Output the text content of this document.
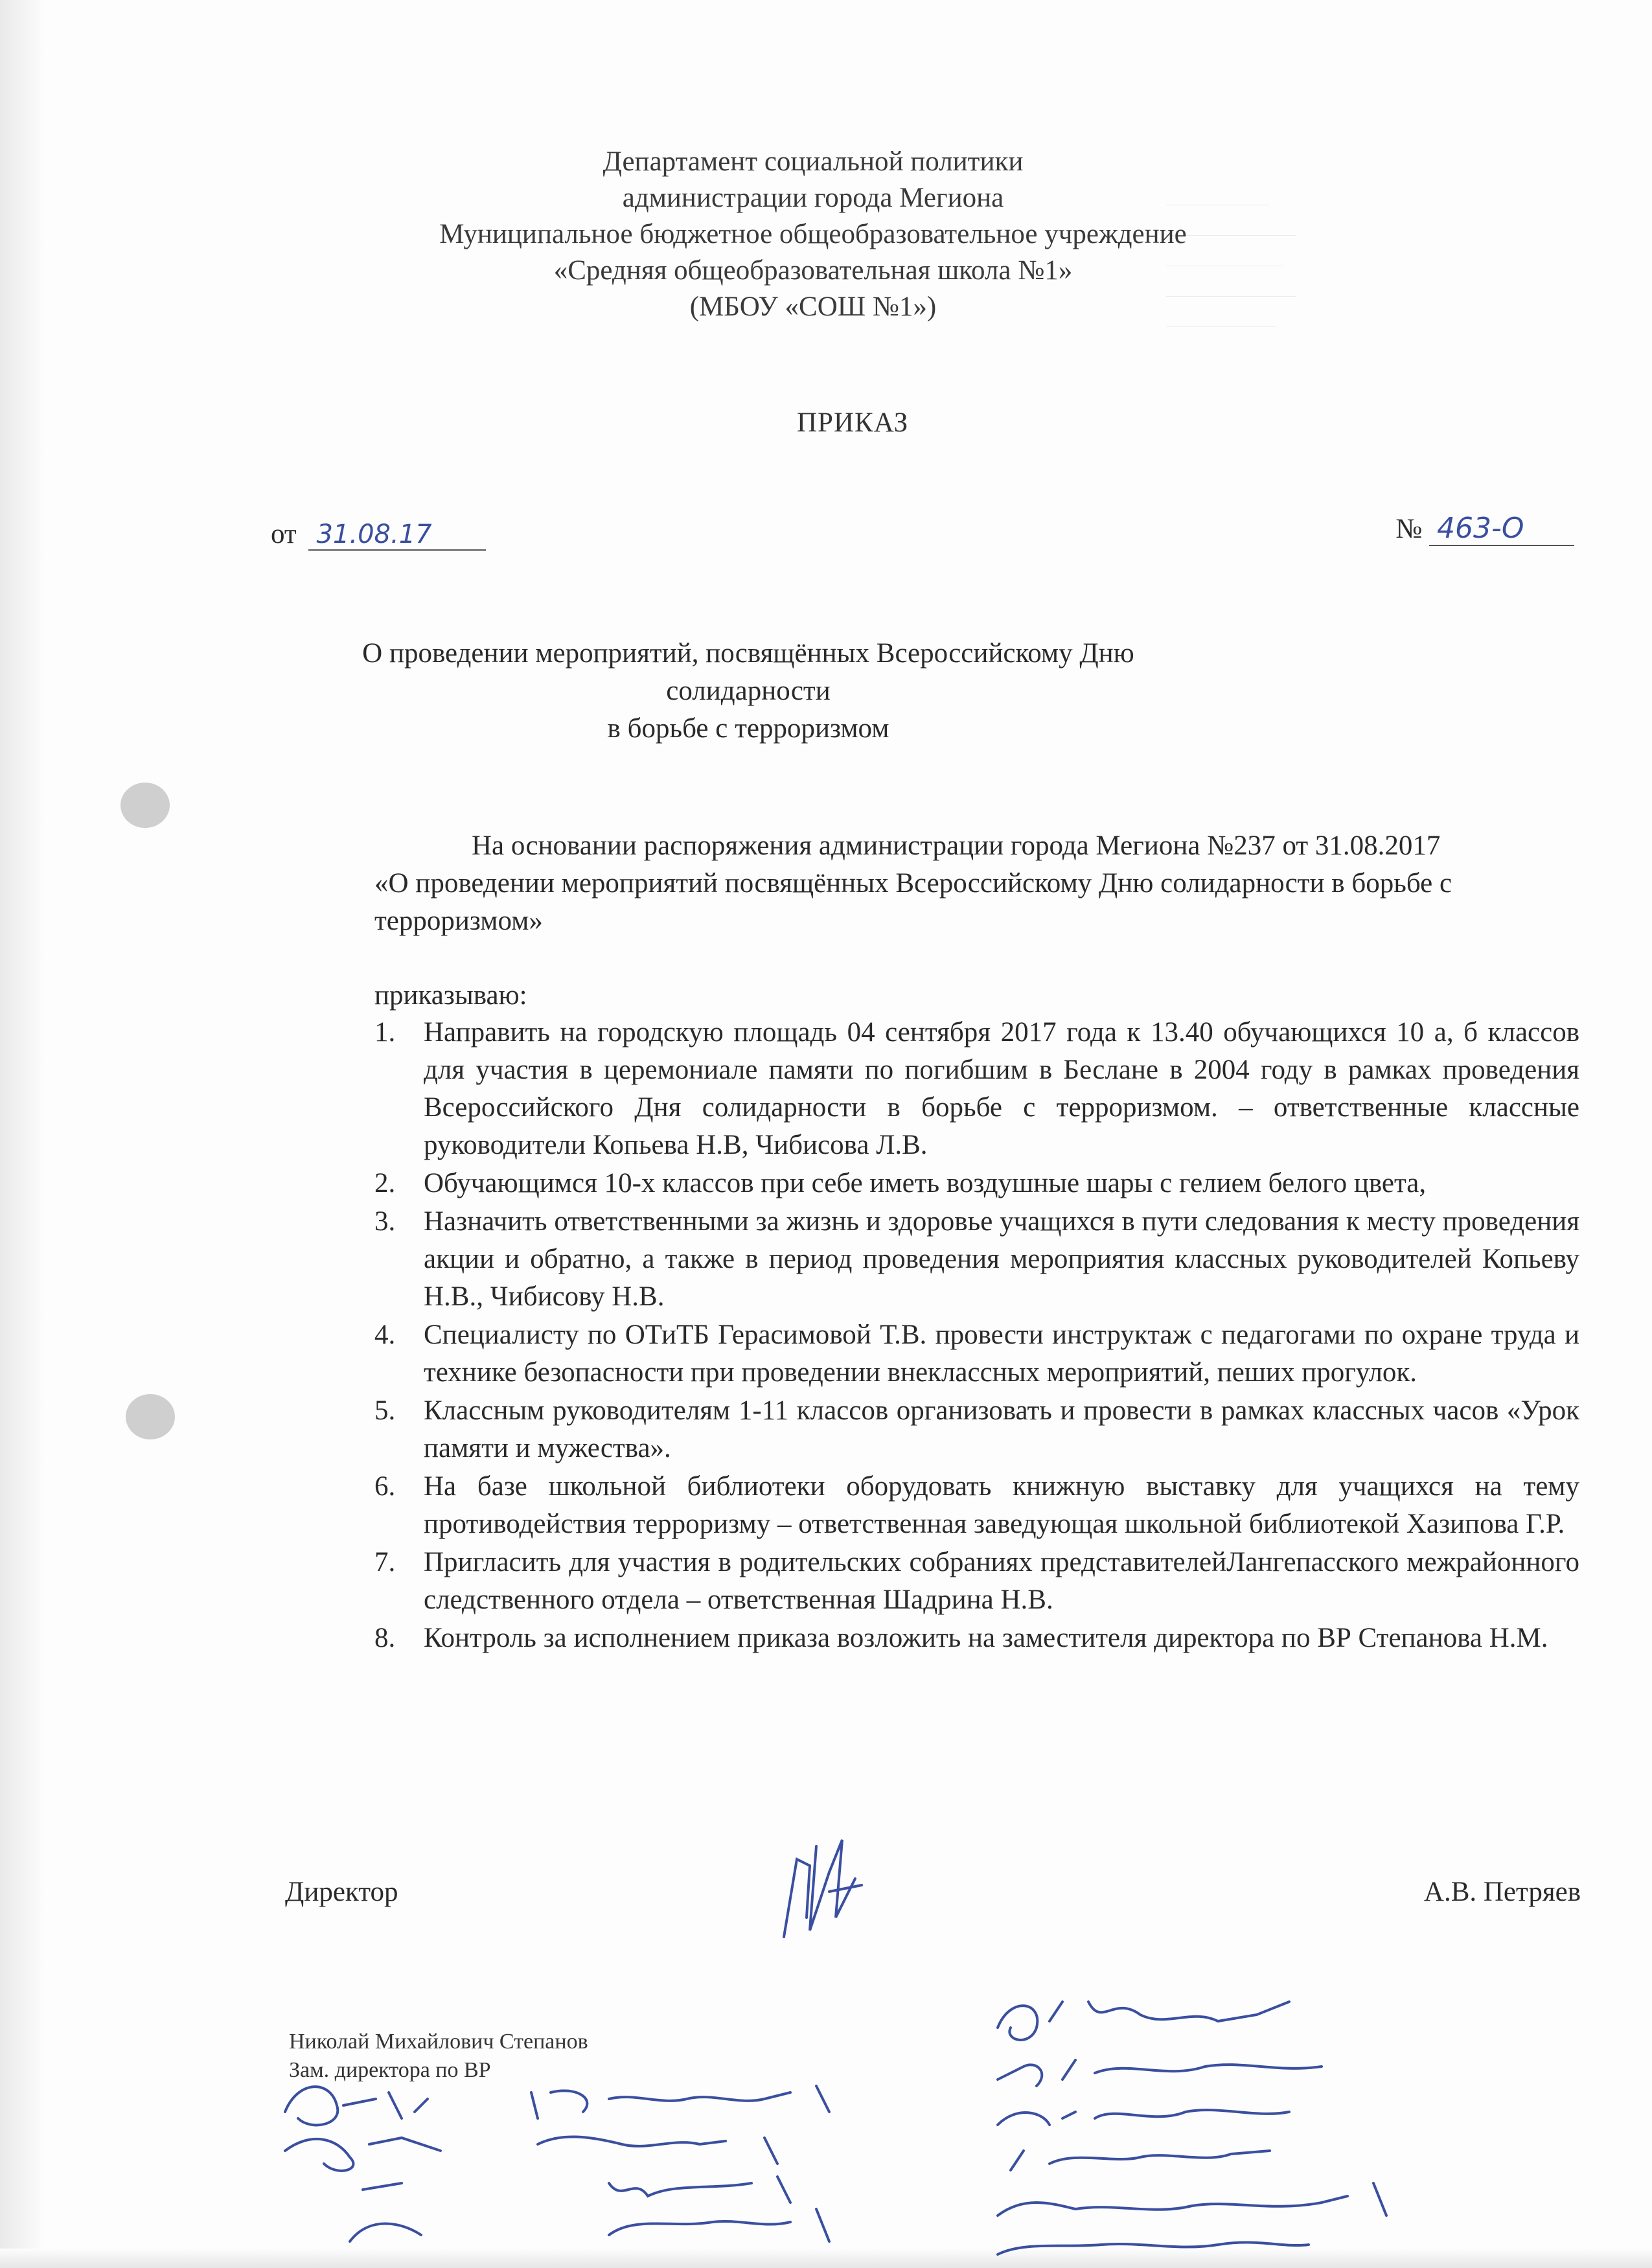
Департамент социальной политики
администрации города Мегиона
Муниципальное бюджетное общеобразовательное учреждение
«Средняя общеобразовательная школа №1»
(МБОУ «СОШ №1»)
ПРИКАЗ
от 31.08.17	№ 463-О
О проведении мероприятий, посвящённых Всероссийскому Дню солидарности
в борьбе с терроризмом
На основании распоряжения администрации города Мегиона №237 от 31.08.2017 «О проведении мероприятий посвящённых Всероссийскому Дню солидарности в борьбе с терроризмом»
приказываю:
1. Направить на городскую площадь 04 сентября 2017 года к 13.40 обучающихся 10 а, б классов для участия в церемониале памяти по погибшим в Беслане в 2004 году в рамках проведения Всероссийского Дня солидарности в борьбе с терроризмом. – ответственные классные руководители Копьева Н.В, Чибисова Л.В.
2. Обучающимся 10-х классов при себе иметь воздушные шары с гелием белого цвета,
3. Назначить ответственными за жизнь и здоровье учащихся в пути следования к месту проведения акции и обратно, а также в период проведения мероприятия классных руководителей Копьеву Н.В., Чибисову Н.В.
4. Специалисту по ОТиТБ Герасимовой Т.В. провести инструктаж с педагогами по охране труда и технике безопасности при проведении внеклассных мероприятий, пеших прогулок.
5. Классным руководителям 1-11 классов организовать и провести в рамках классных часов «Урок памяти и мужества».
6. На базе школьной библиотеки оборудовать книжную выставку для учащихся на тему противодействия терроризму – ответственная заведующая школьной библиотекой Хазипова Г.Р.
7. Пригласить для участия в родительских собраниях представителейЛангепасского межрайонного следственного отдела – ответственная Шадрина Н.В.
8. Контроль за исполнением приказа возложить на заместителя директора по ВР Степанова Н.М.
Директор	А.В. Петряев
Николай Михайлович Степанов
Зам. директора по ВР
